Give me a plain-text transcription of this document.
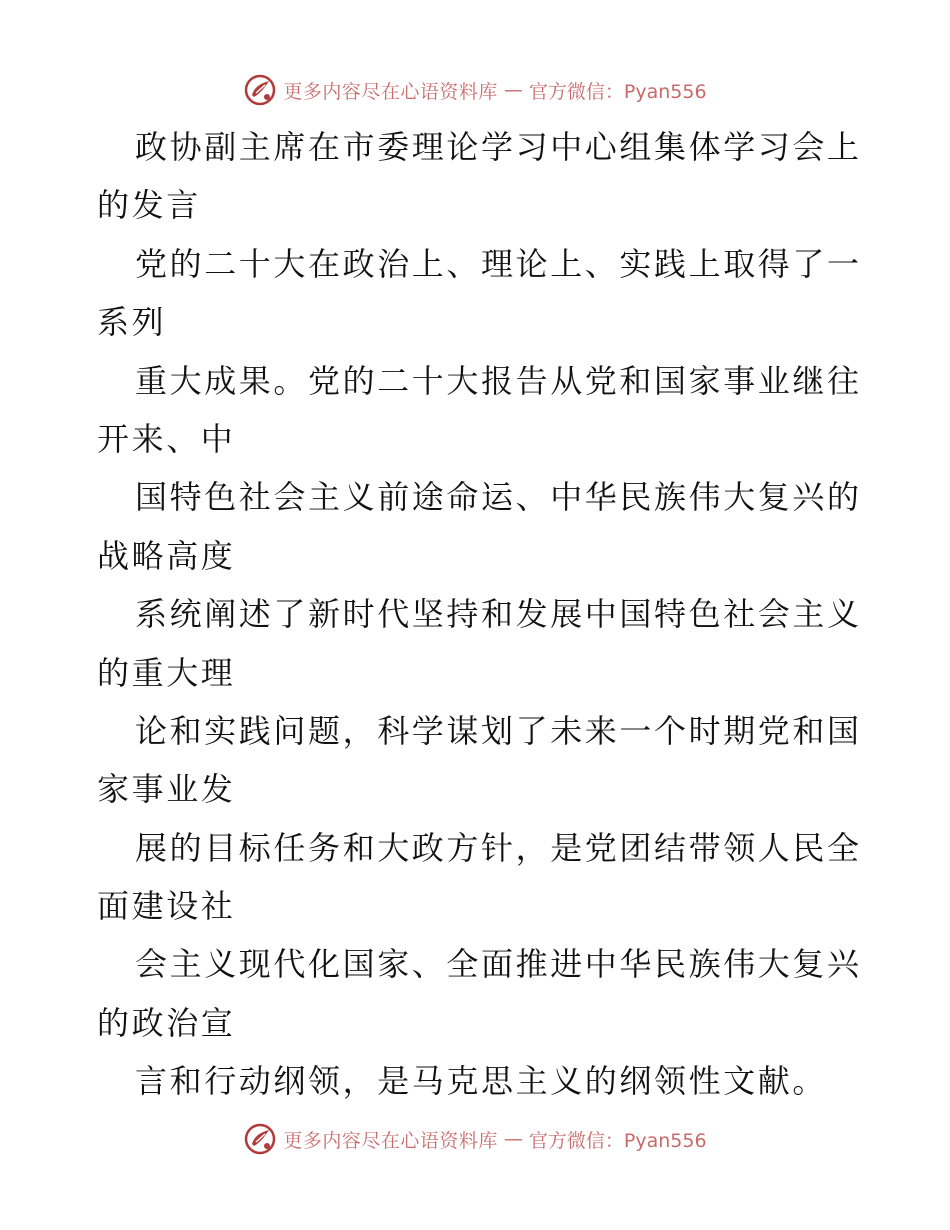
更多内容尽在心语资料库 — 官方微信：Pyan556
政协副主席在市委理论学习中心组集体学习会上
的发言
党的二十大在政治上、理论上、实践上取得了一
系列
重大成果。党的二十大报告从党和国家事业继往
开来、中
国特色社会主义前途命运、中华民族伟大复兴的
战略高度
系统阐述了新时代坚持和发展中国特色社会主义
的重大理
论和实践问题，科学谋划了未来一个时期党和国
家事业发
展的目标任务和大政方针，是党团结带领人民全
面建设社
会主义现代化国家、全面推进中华民族伟大复兴
的政治宣
言和行动纲领，是马克思主义的纲领性文献。
更多内容尽在心语资料库 — 官方微信：Pyan556
